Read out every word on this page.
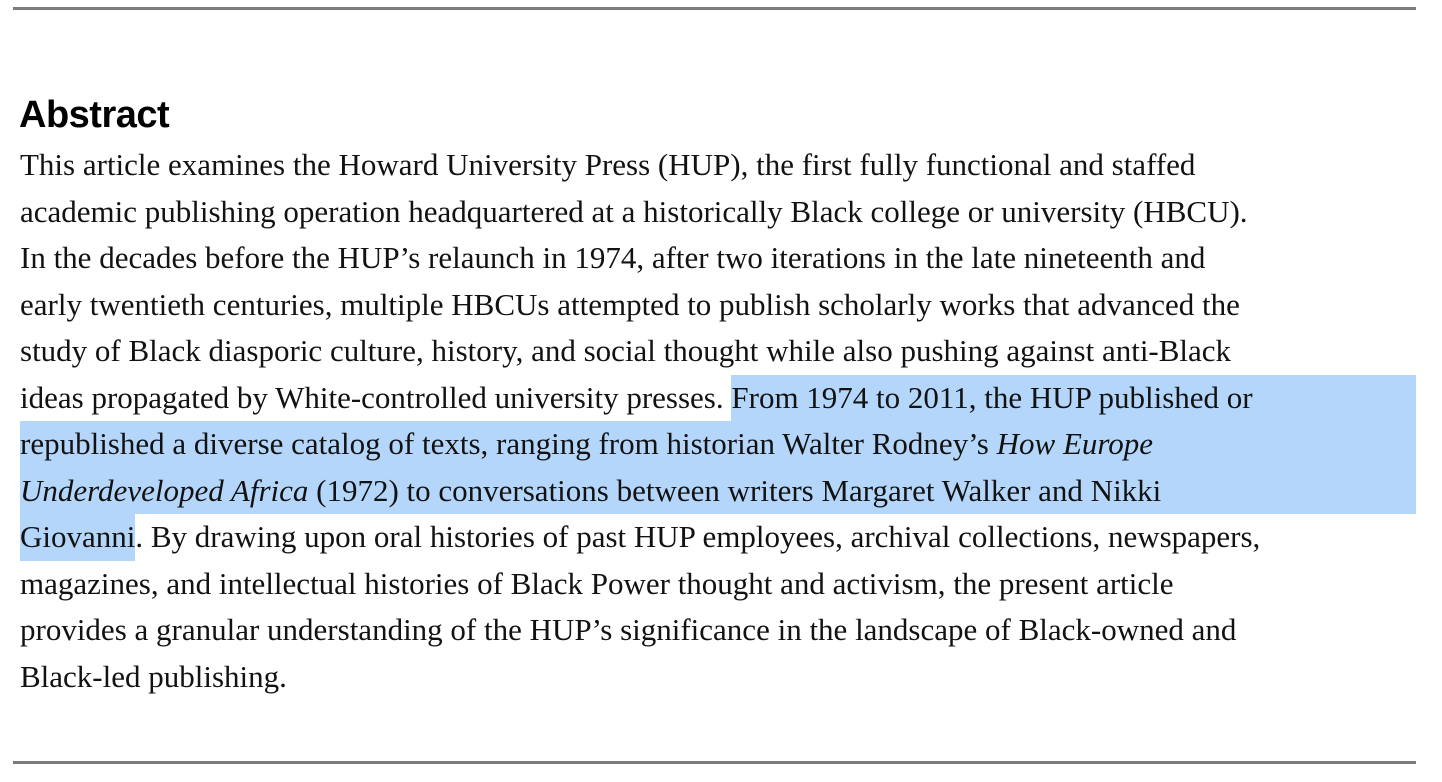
Abstract
This article examines the Howard University Press (HUP), the first fully functional and staffed
academic publishing operation headquartered at a historically Black college or university (HBCU).
In the decades before the HUP’s relaunch in 1974, after two iterations in the late nineteenth and
early twentieth centuries, multiple HBCUs attempted to publish scholarly works that advanced the
study of Black diasporic culture, history, and social thought while also pushing against anti-Black
ideas propagated by White-controlled university presses. From 1974 to 2011, the HUP published or
republished a diverse catalog of texts, ranging from historian Walter Rodney’s How Europe
Underdeveloped Africa (1972) to conversations between writers Margaret Walker and Nikki
Giovanni . By drawing upon oral histories of past HUP employees, archival collections, newspapers,
magazines, and intellectual histories of Black Power thought and activism, the present article
provides a granular understanding of the HUP’s significance in the landscape of Black-owned and
Black-led publishing.
